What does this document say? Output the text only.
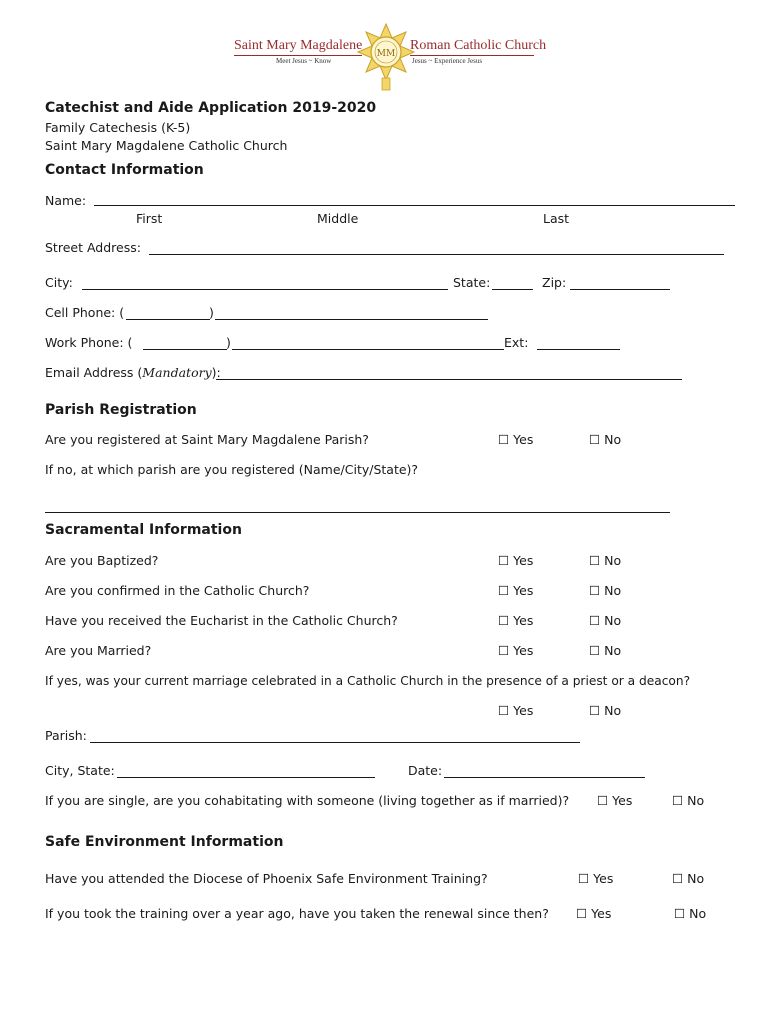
Saint Mary Magdalene
Meet Jesus ~ Know
MM
Roman Catholic Church
Jesus ~ Experience Jesus
Catechist and Aide Application 2019-2020
Family Catechesis (K-5)
Saint Mary Magdalene Catholic Church
Contact Information
Name:
First	Middle	Last
Street Address:
City:	State:	Zip:
Cell Phone: (	)
Work Phone: (	)	Ext:
Email Address (Mandatory):
Parish Registration
Are you registered at Saint Mary Magdalene Parish?	☐ Yes	☐ No
If no, at which parish are you registered (Name/City/State)?
Sacramental Information
Are you Baptized?	☐ Yes	☐ No
Are you confirmed in the Catholic Church?	☐ Yes	☐ No
Have you received the Eucharist in the Catholic Church?	☐ Yes	☐ No
Are you Married?	☐ Yes	☐ No
If yes, was your current marriage celebrated in a Catholic Church in the presence of a priest or a deacon?
☐ Yes	☐ No
Parish:
City, State:	Date:
If you are single, are you cohabitating with someone (living together as if married)? ☐ Yes	☐ No
Safe Environment Information
Have you attended the Diocese of Phoenix Safe Environment Training?	☐ Yes	☐ No
If you took the training over a year ago, have you taken the renewal since then? ☐ Yes	☐ No
